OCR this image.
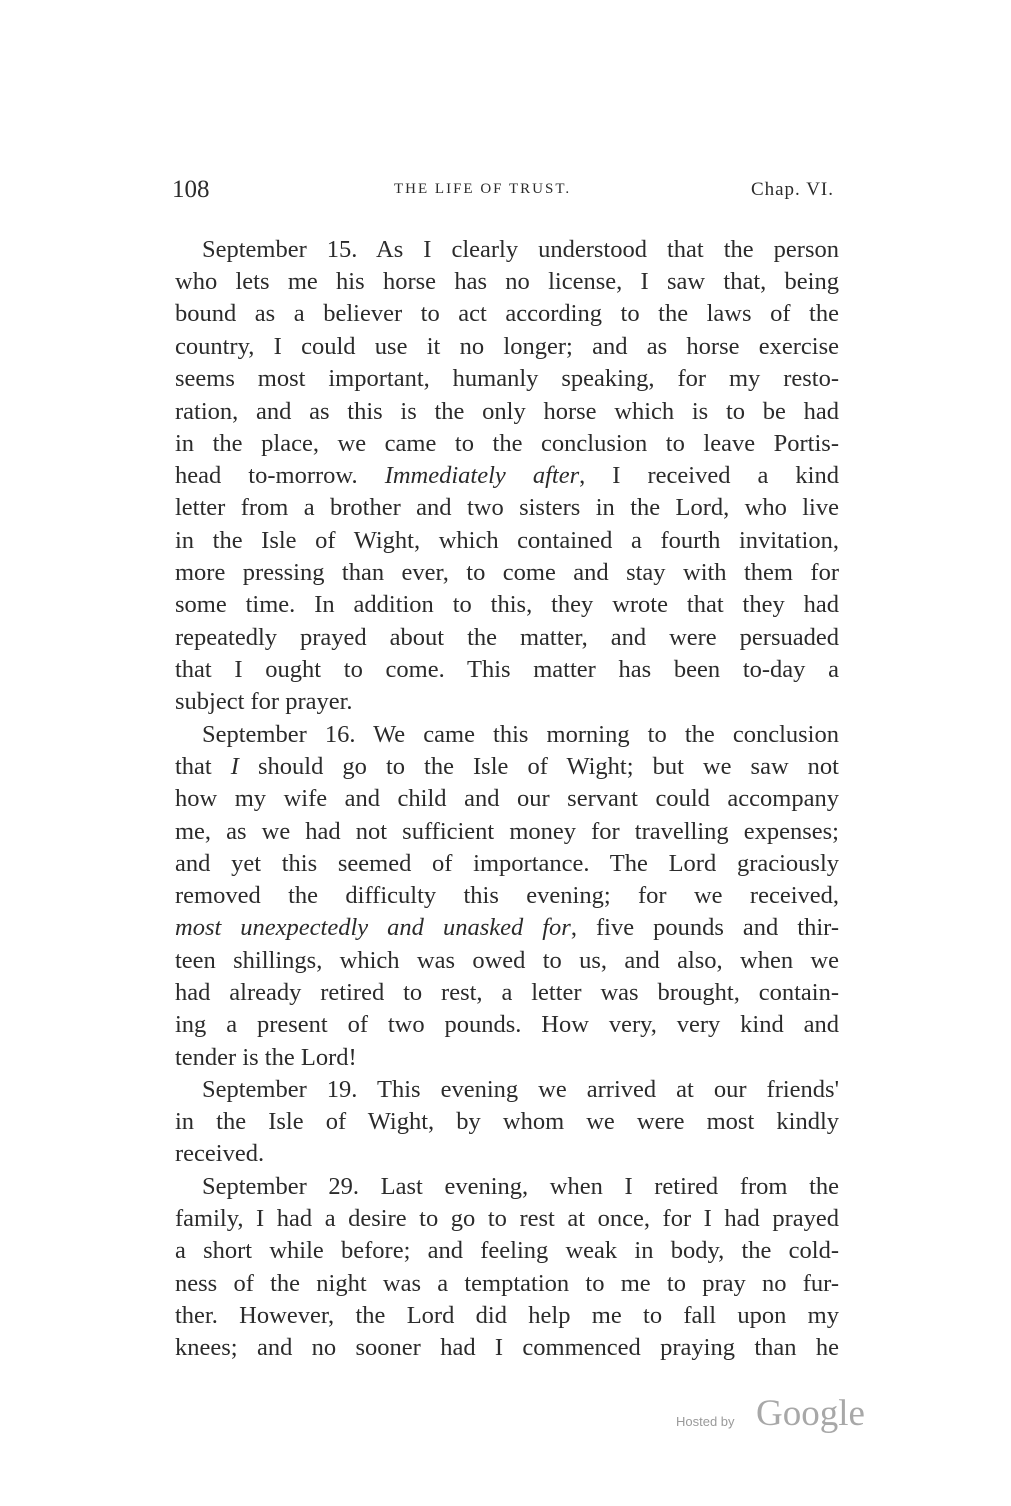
108	THE LIFE OF TRUST.	Chap. VI.
September 15. As I clearly understood that the person
who lets me his horse has no license, I saw that, being
bound as a believer to act according to the laws of the
country, I could use it no longer; and as horse exercise
seems most important, humanly speaking, for my resto-
ration, and as this is the only horse which is to be had
in the place, we came to the conclusion to leave Portis-
head to-morrow. Immediately after, I received a kind
letter from a brother and two sisters in the Lord, who live
in the Isle of Wight, which contained a fourth invitation,
more pressing than ever, to come and stay with them for
some time. In addition to this, they wrote that they had
repeatedly prayed about the matter, and were persuaded
that I ought to come. This matter has been to-day a
subject for prayer.
September 16. We came this morning to the conclusion
that I should go to the Isle of Wight; but we saw not
how my wife and child and our servant could accompany
me, as we had not sufficient money for travelling expenses;
and yet this seemed of importance. The Lord graciously
removed the difficulty this evening; for we received,
most unexpectedly and unasked for, five pounds and thir-
teen shillings, which was owed to us, and also, when we
had already retired to rest, a letter was brought, contain-
ing a present of two pounds. How very, very kind and
tender is the Lord!
September 19. This evening we arrived at our friends'
in the Isle of Wight, by whom we were most kindly
received.
September 29. Last evening, when I retired from the
family, I had a desire to go to rest at once, for I had prayed
a short while before; and feeling weak in body, the cold-
ness of the night was a temptation to me to pray no fur-
ther. However, the Lord did help me to fall upon my
knees; and no sooner had I commenced praying than he
Hosted by Google
